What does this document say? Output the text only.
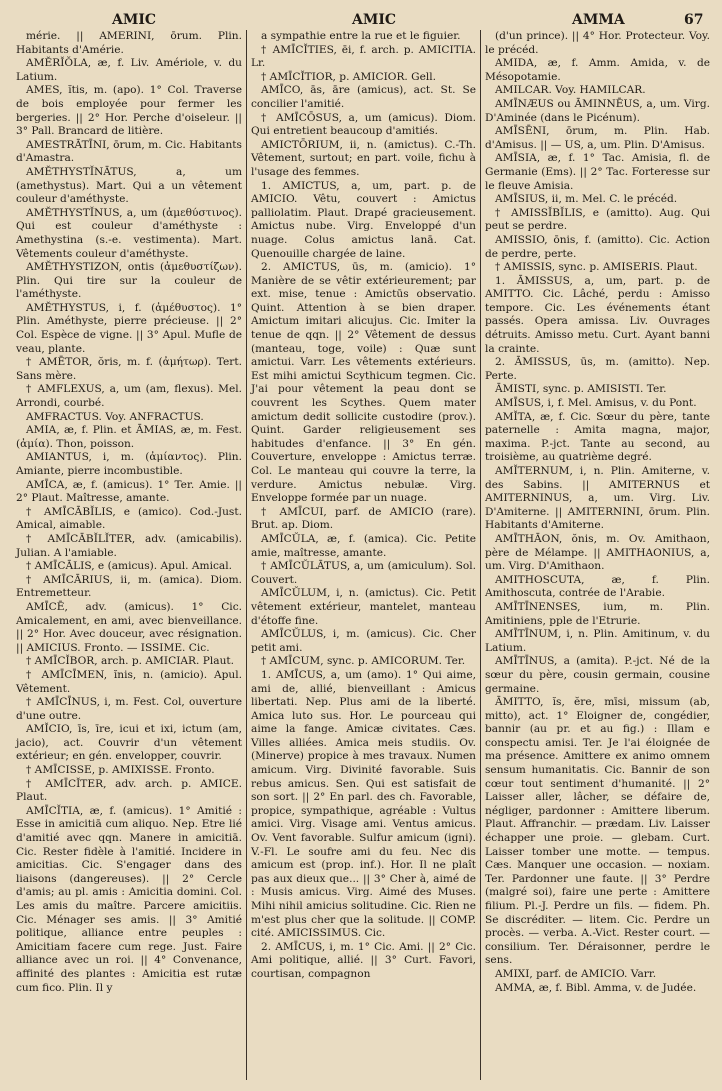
AMIC	AMIC	AMMA	67

mérie. || AMERINI, ōrum. Plin. Habitants d'Amérie.

AMĔRĬŎLA, æ, f. Liv. Amériole, v. du Latium.

AMES, ĭtis, m. (apo). 1° Col. Traverse de bois employée pour fermer les bergeries. || 2° Hor. Perche d'oiseleur. || 3° Pall. Brancard de litière.

AMESTRĀTĪNI, ōrum, m. Cic. Habitants d'Amastra.

AMĔTHYSTĬNĀTUS, a, um (amethystus). Mart. Qui a un vêtement couleur d'améthyste.

AMĔTHYSTĬNUS, a, um (ἀμεθύστινος). Qui est couleur d'améthyste : Amethystina (s.-e. vestimenta). Mart. Vêtements couleur d'améthyste.

AMĔTHYSTIZON, ontis (ἀμεθυστίζων). Plin. Qui tire sur la couleur de l'améthyste.

AMĔTHYSTUS, i, f. (ἀμέθυστος). 1° Plin. Améthyste, pierre précieuse. || 2° Col. Espèce de vigne. || 3° Apul. Mufle de veau, plante.

† AMĒTOR, ŏris, m. f. (ἀμήτωρ). Tert. Sans mère.

† AMFLEXUS, a, um (am, flexus). Mel. Arrondi, courbé.

AMFRACTUS. Voy. ANFRACTUS.

AMIA, æ, f. Plin. et ĀMIAS, æ, m. Fest. (ἀμία). Thon, poisson.

AMIANTUS, i, m. (ἀμίαντος). Plin. Amiante, pierre incombustible.

AMĪCA, æ, f. (amicus). 1° Ter. Amie. || 2° Plaut. Maîtresse, amante.

† AMĪCĀBĬLIS, e (amico). Cod.-Just. Amical, aimable.

† AMĪCĀBĬLĬTER, adv. (amicabilis). Julian. A l'amiable.

† AMĪCĀLIS, e (amicus). Apul. Amical.

† AMĪCĀRIUS, ii, m. (amica). Diom. Entremetteur.

AMĪCĒ, adv. (amicus). 1° Cic. Amicalement, en ami, avec bienveillance. || 2° Hor. Avec douceur, avec résignation. || AMICIUS. Fronto. — ISSIME. Cic.

† AMĪCĬBOR, arch. p. AMICIAR. Plaut.

† AMĪCĪMEN, ĭnis, n. (amicio). Apul. Vêtement.

† AMĪCĪNUS, i, m. Fest. Col, ouverture d'une outre.

AMĬCIO, īs, īre, icui et ixi, ictum (am, jacio), act. Couvrir d'un vêtement extérieur; en gén. envelopper, couvrir.

† AMĪCISSE, p. AMIXISSE. Fronto.

† AMĪCĬTER, adv. arch. p. AMICE. Plaut.

AMĪCĬTIA, æ, f. (amicus). 1° Amitié : Esse in amicitiā cum aliquo. Nep. Etre lié d'amitié avec qqn. Manere in amicitiā. Cic. Rester fidèle à l'amitié. Incidere in amicitias. Cic. S'engager dans des liaisons (dangereuses). || 2° Cercle d'amis; au pl. amis : Amicitia domini. Col. Les amis du maître. Parcere amicitiis. Cic. Ménager ses amis. || 3° Amitié politique, alliance entre peuples : Amicitiam facere cum rege. Just. Faire alliance avec un roi. || 4° Convenance, affinité des plantes : Amicitia est rutæ cum fico. Plin. Il y

a sympathie entre la rue et le figuier.

† AMĪCĬTIES, ēi, f. arch. p. AMICITIA. Lr.

† AMĪCĬTIOR, p. AMICIOR. Gell.

AMĪCO, ās, āre (amicus), act. St. Se concilier l'amitié.

† AMĪCŌSUS, a, um (amicus). Diom. Qui entretient beaucoup d'amitiés.

AMICTŌRIUM, ii, n. (amictus). C.-Th. Vêtement, surtout; en part. voile, fichu à l'usage des femmes.

1. AMICTUS, a, um, part. p. de AMICIO. Vêtu, couvert : Amictus palliolatim. Plaut. Drapé gracieusement. Amictus nube. Virg. Enveloppé d'un nuage. Colus amictus lanā. Cat. Quenouille chargée de laine.

2. AMICTUS, ūs, m. (amicio). 1° Manière de se vêtir extérieurement; par ext. mise, tenue : Amictūs observatio. Quint. Attention à se bien draper. Amictum imitari alicujus. Cic. Imiter la tenue de qqn. || 2° Vêtement de dessus (manteau, toge, voile) : Quæ sunt amictui. Varr. Les vêtements extérieurs. Est mihi amictui Scythicum tegmen. Cic. J'ai pour vêtement la peau dont se couvrent les Scythes. Quem mater amictum dedit sollicite custodire (prov.). Quint. Garder religieusement ses habitudes d'enfance. || 3° En gén. Couverture, enveloppe : Amictus terræ. Col. Le manteau qui couvre la terre, la verdure. Amictus nebulæ. Virg. Enveloppe formée par un nuage.

† AMĪCUI, parf. de AMICIO (rare). Brut. ap. Diom.

AMĪCŬLA, æ, f. (amica). Cic. Petite amie, maîtresse, amante.

† AMĪCŬLĀTUS, a, um (amiculum). Sol. Couvert.

AMĪCŬLUM, i, n. (amictus). Cic. Petit vêtement extérieur, mantelet, manteau d'étoffe fine.

AMĪCŬLUS, i, m. (amicus). Cic. Cher petit ami.

† AMĪCUM, sync. p. AMICORUM. Ter.

1. AMĪCUS, a, um (amo). 1° Qui aime, ami de, allié, bienveillant : Amicus libertati. Nep. Plus ami de la liberté. Amica luto sus. Hor. Le pourceau qui aime la fange. Amicæ civitates. Cæs. Villes alliées. Amica meis studiis. Ov. (Minerve) propice à mes travaux. Numen amicum. Virg. Divinité favorable. Suis rebus amicus. Sen. Qui est satisfait de son sort. || 2° En parl. des ch. Favorable, propice, sympathique, agréable : Vultus amici. Virg. Visage ami. Ventus amicus. Ov. Vent favorable. Sulfur amicum (igni). V.-Fl. Le soufre ami du feu. Nec dis amicum est (prop. inf.). Hor. Il ne plaît pas aux dieux que... || 3° Cher à, aimé de : Musis amicus. Virg. Aimé des Muses. Mihi nihil amicius solitudine. Cic. Rien ne m'est plus cher que la solitude. || COMP. cité. AMICISSIMUS. Cic.

2. AMĪCUS, i, m. 1° Cic. Ami. || 2° Cic. Ami politique, allié. || 3° Curt. Favori, courtisan, compagnon

(d'un prince). || 4° Hor. Protecteur. Voy. le précéd.

AMIDA, æ, f. Amm. Amida, v. de Mésopotamie.

AMILCAR. Voy. HAMILCAR.

AMĪNÆUS ou ĀMINNĒUS, a, um. Virg. D'Aminée (dans le Picénum).

AMĪSĒNI, ōrum, m. Plin. Hab. d'Amisus. || — US, a, um. Plin. D'Amisus.

AMĪSIA, æ, f. 1° Tac. Amisia, fl. de Germanie (Ems). || 2° Tac. Forteresse sur le fleuve Amisia.

AMĪSIUS, ii, m. Mel. C. le précéd.

† AMISSĬBĬLIS, e (amitto). Aug. Qui peut se perdre.

AMISSIO, ōnis, f. (amitto). Cic. Action de perdre, perte.

† AMISSIS, sync. p. AMISERIS. Plaut.

1. ĀMISSUS, a, um, part. p. de AMITTO. Cic. Lâché, perdu : Amisso tempore. Cic. Les événements étant passés. Opera amissa. Liv. Ouvrages détruits. Amisso metu. Curt. Ayant banni la crainte.

2. ĀMISSUS, ūs, m. (amitto). Nep. Perte.

ĀMISTI, sync. p. AMISISTI. Ter.

AMĪSUS, i, f. Mel. Amisus, v. du Pont.

AMĬTA, æ, f. Cic. Sœur du père, tante paternelle : Amita magna, major, maxima. P.-jct. Tante au second, au troisième, au quatrième degré.

AMĬTERNUM, i, n. Plin. Amiterne, v. des Sabins. || AMITERNUS et AMITERNINUS, a, um. Virg. Liv. D'Amiterne. || AMITERNINI, ōrum. Plin. Habitants d'Amiterne.

AMĪTHĀON, ŏnis, m. Ov. Amithaon, père de Mélampe. || AMITHAONIUS, a, um. Virg. D'Amithaon.

AMITHOSCUTA, æ, f. Plin. Amithoscuta, contrée de l'Arabie.

AMĪTĪNENSES, ium, m. Plin. Amitiniens, pple de l'Etrurie.

AMĪTĪNUM, i, n. Plin. Amitinum, v. du Latium.

AMĪTĪNUS, a (amita). P.-jct. Né de la sœur du père, cousin germain, cousine germaine.

ĀMITTO, ĭs, ĕre, mīsi, missum (ab, mitto), act. 1° Eloigner de, congédier, bannir (au pr. et au fig.) : Illam e conspectu amisi. Ter. Je l'ai éloignée de ma présence. Amittere ex animo omnem sensum humanitatis. Cic. Bannir de son cœur tout sentiment d'humanité. || 2° Laisser aller, lâcher, se défaire de, négliger, pardonner : Amittere liberum. Plaut. Affranchir. — prædam. Liv. Laisser échapper une proie. — glebam. Curt. Laisser tomber une motte. — tempus. Cæs. Manquer une occasion. — noxiam. Ter. Pardonner une faute. || 3° Perdre (malgré soi), faire une perte : Amittere filium. Pl.-J. Perdre un fils. — fidem. Ph. Se discréditer. — litem. Cic. Perdre un procès. — verba. A.-Vict. Rester court. — consilium. Ter. Déraisonner, perdre le sens.

AMIXI, parf. de AMICIO. Varr.

AMMA, æ, f. Bibl. Amma, v. de Judée.
